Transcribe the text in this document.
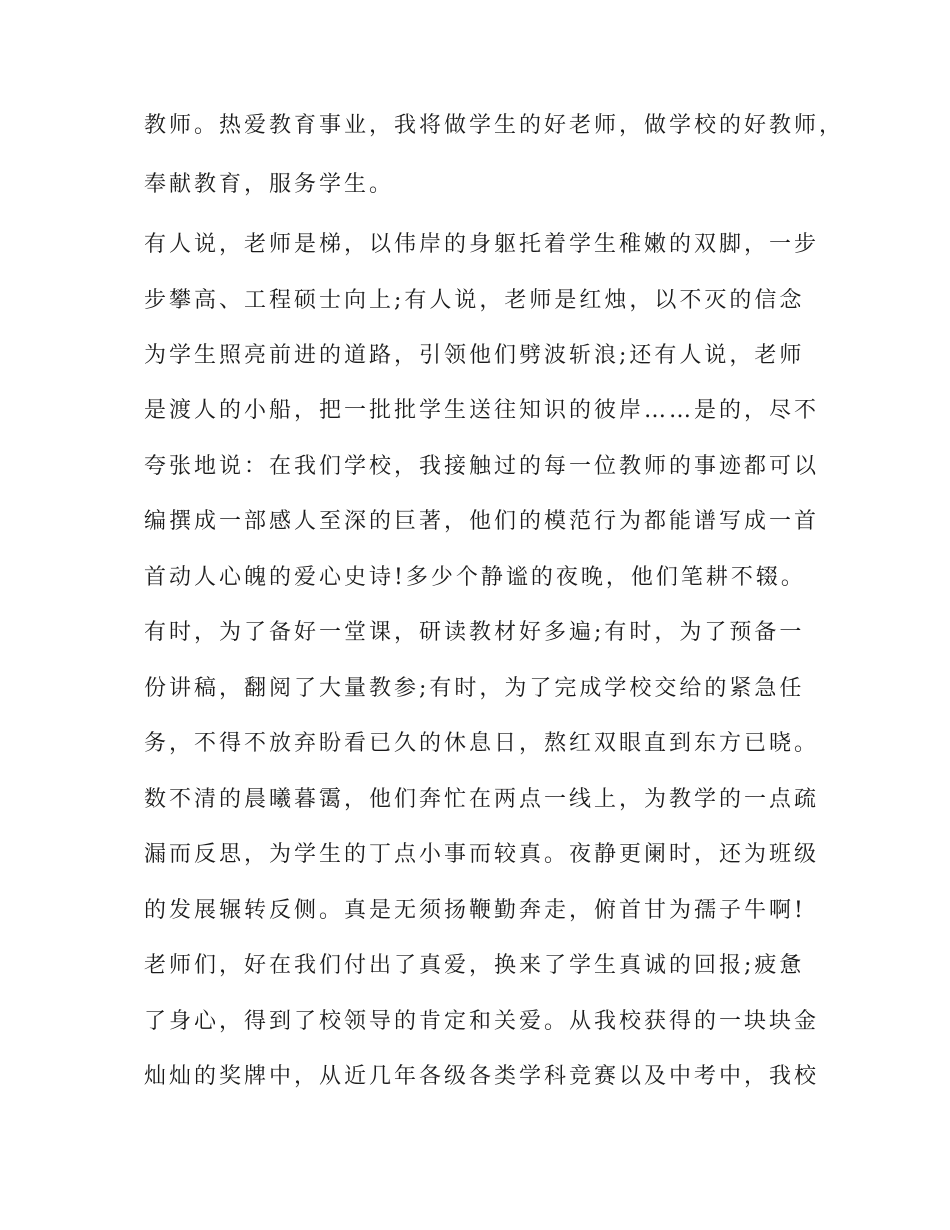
教师。热爱教育事业，我将做学生的好老师，做学校的好教师，
奉献教育，服务学生。
有人说，老师是梯，以伟岸的身躯托着学生稚嫩的双脚，一步
步攀高、工程硕士向上;有人说，老师是红烛，以不灭的信念
为学生照亮前进的道路，引领他们劈波斩浪;还有人说，老师
是渡人的小船，把一批批学生送往知识的彼岸……是的，尽不
夸张地说：在我们学校，我接触过的每一位教师的事迹都可以
编撰成一部感人至深的巨著，他们的模范行为都能谱写成一首
首动人心魄的爱心史诗!多少个静谧的夜晚，他们笔耕不辍。
有时，为了备好一堂课，研读教材好多遍;有时，为了预备一
份讲稿，翻阅了大量教参;有时，为了完成学校交给的紧急任
务，不得不放弃盼看已久的休息日，熬红双眼直到东方已晓。
数不清的晨曦暮霭，他们奔忙在两点一线上，为教学的一点疏
漏而反思，为学生的丁点小事而较真。夜静更阑时，还为班级
的发展辗转反侧。真是无须扬鞭勤奔走，俯首甘为孺子牛啊!
老师们，好在我们付出了真爱，换来了学生真诚的回报;疲惫
了身心，得到了校领导的肯定和关爱。从我校获得的一块块金
灿灿的奖牌中，从近几年各级各类学科竞赛以及中考中，我校
